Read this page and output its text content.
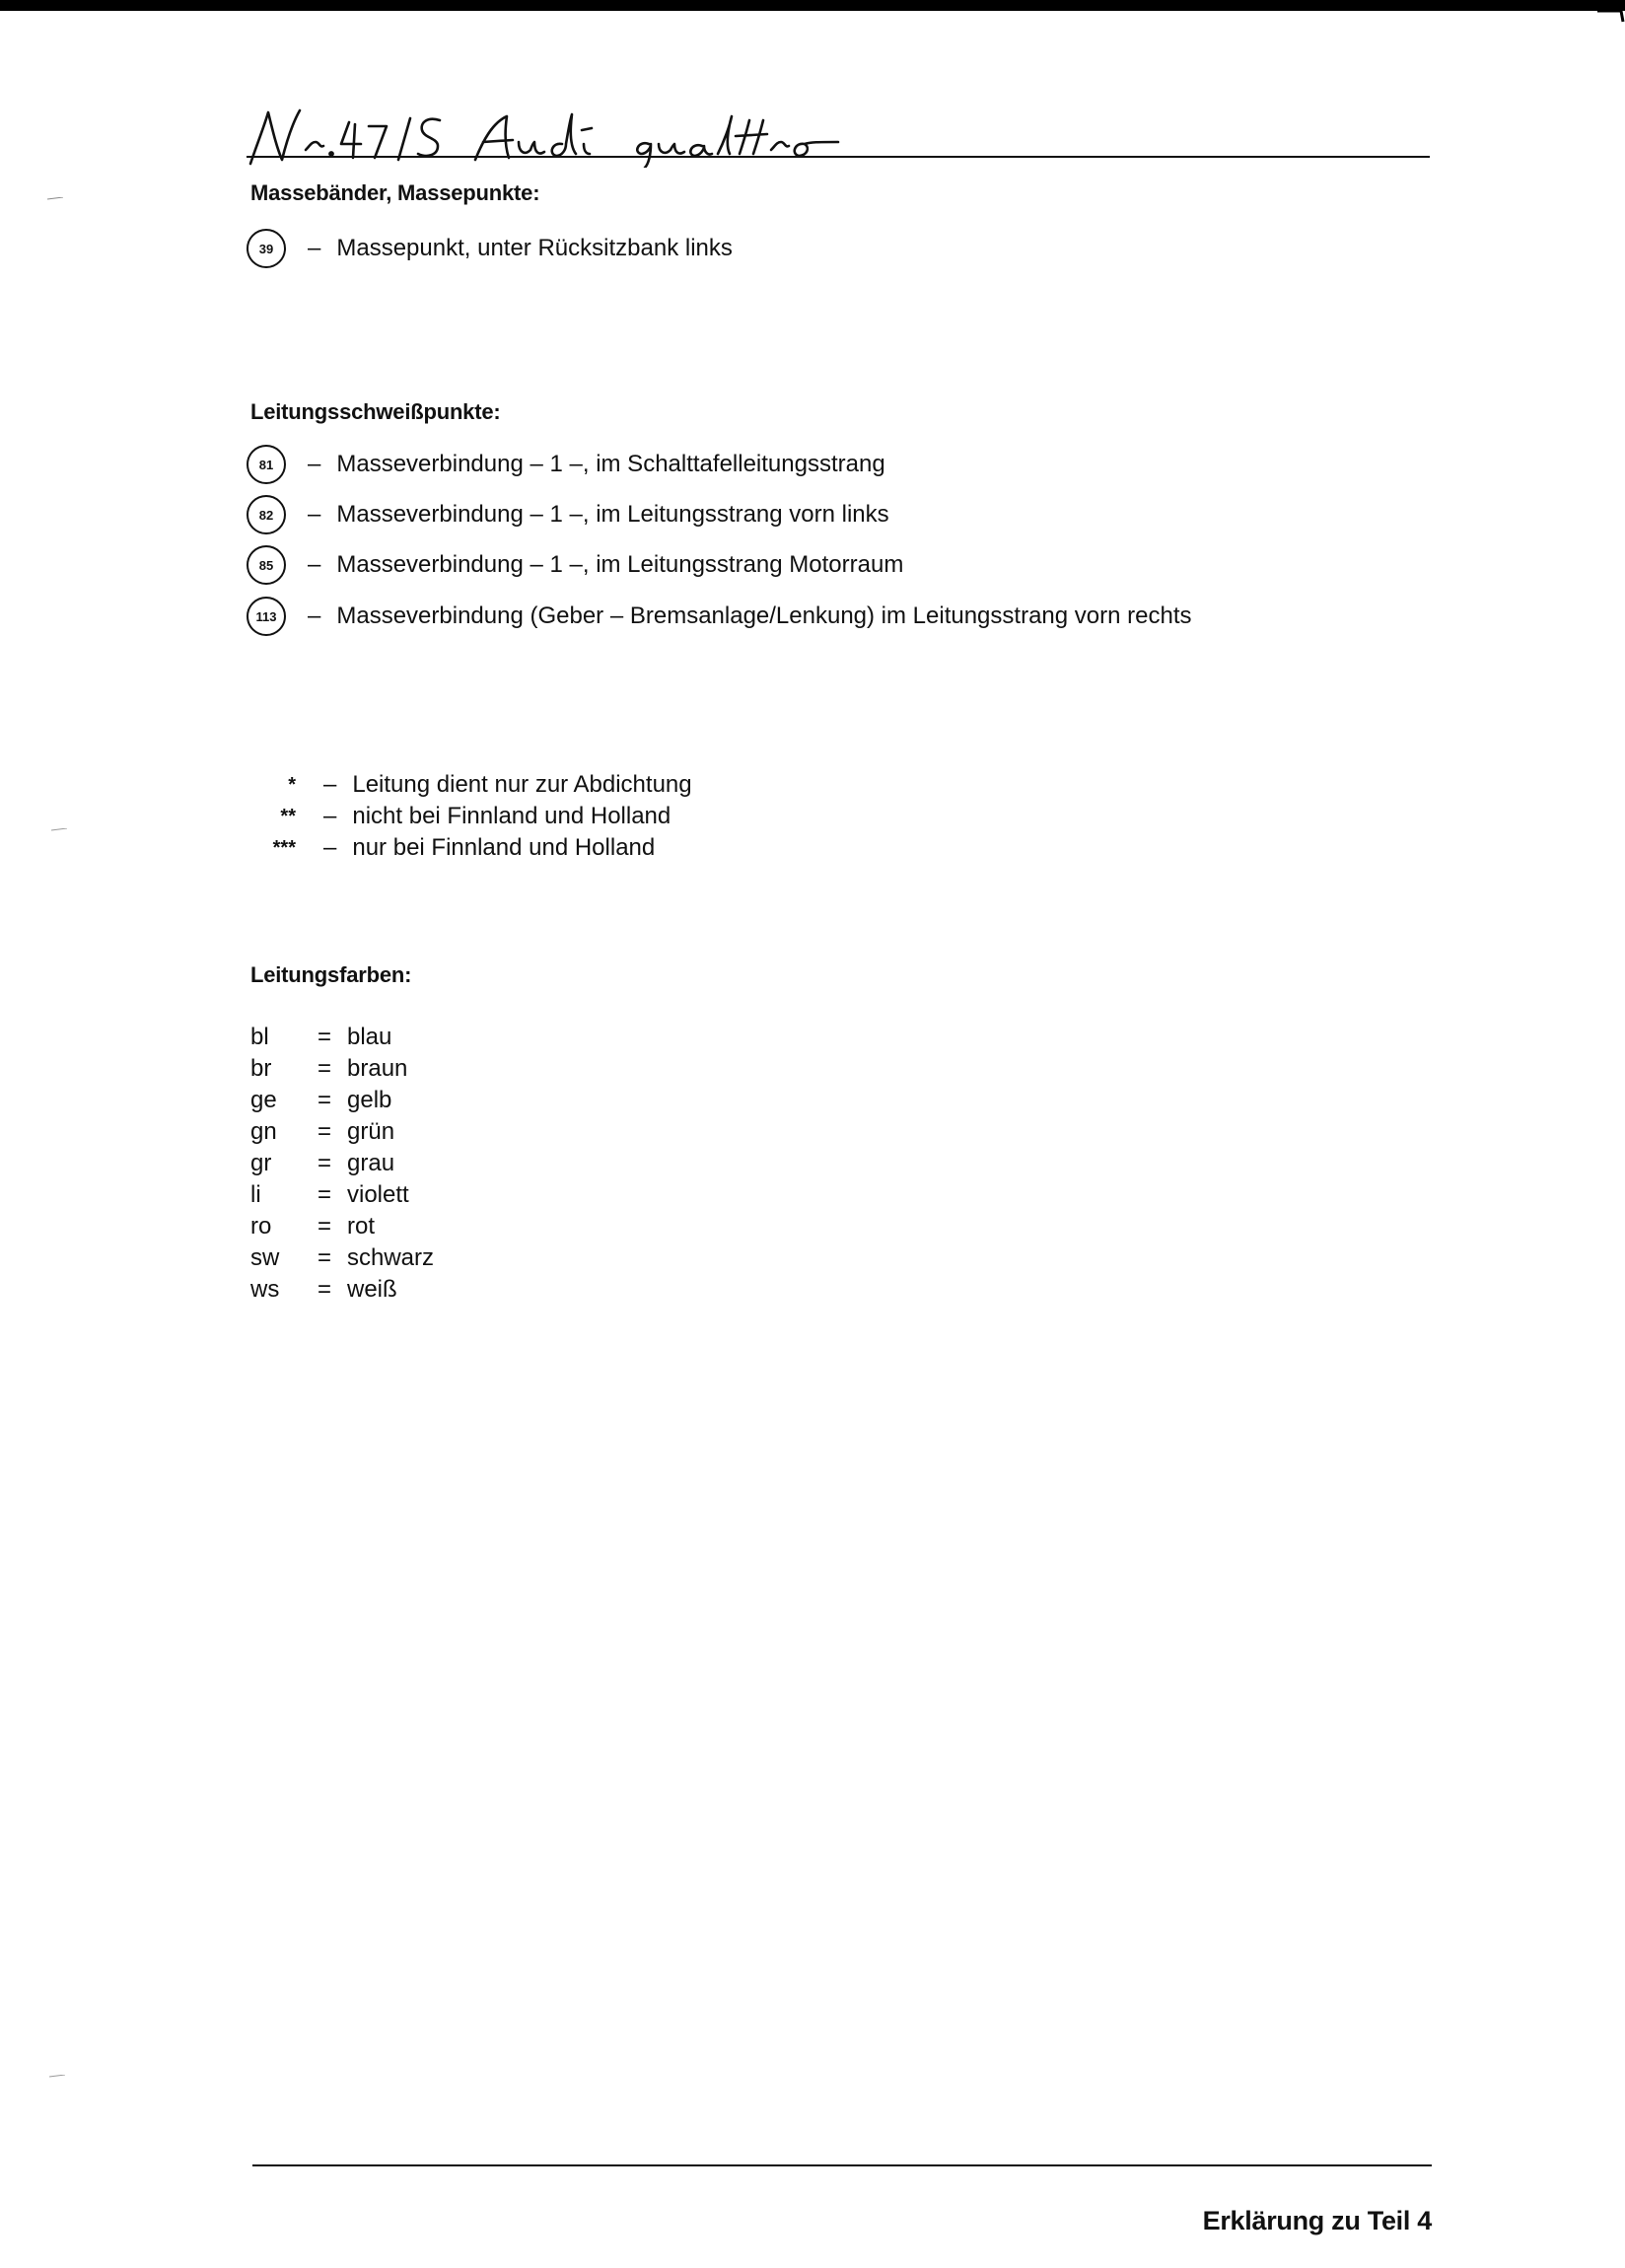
Massebänder, Massepunkte:
39	– Massepunkt, unter Rücksitzbank links
Leitungsschweißpunkte:
81	– Masseverbindung – 1 –, im Schalttafelleitungsstrang
82	– Masseverbindung – 1 –, im Leitungsstrang vorn links
85	– Masseverbindung – 1 –, im Leitungsstrang Motorraum
113	– Masseverbindung (Geber – Bremsanlage/Lenkung) im Leitungsstrang vorn rechts
* – Leitung dient nur zur Abdichtung
** – nicht bei Finnland und Holland
*** – nur bei Finnland und Holland
Leitungsfarben:
bl	= blau
br	= braun
ge	= gelb
gn	= grün
gr	= grau
li	= violett
ro	= rot
sw	= schwarz
ws	= weiß
Erklärung zu Teil 4
